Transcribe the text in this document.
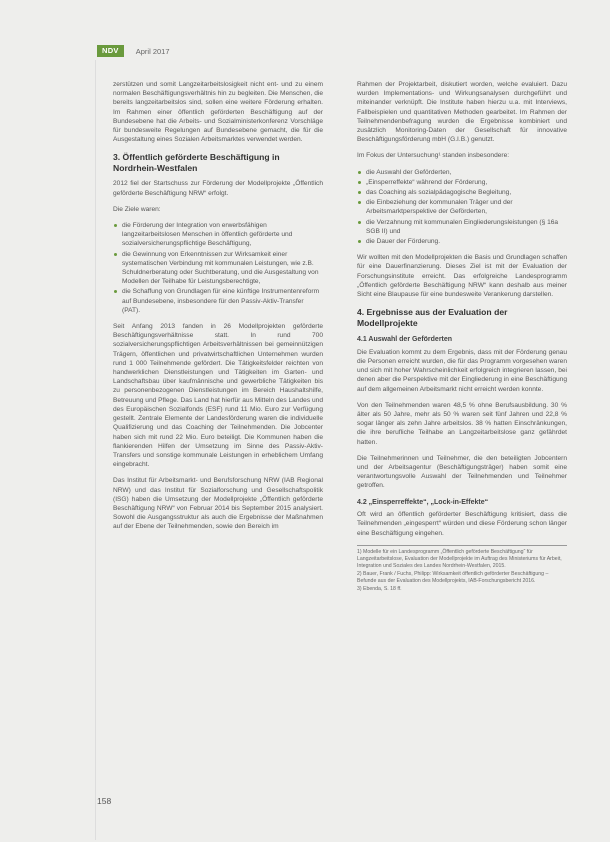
NDV	April 2017

zerstützen und somit Langzeitarbeitslosigkeit nicht ent- und zu einem normalen Beschäftigungsverhältnis hin zu begleiten. Die Menschen, die bereits langzeitarbeitslos sind, sollen eine weitere Förderung erhalten. Im Rahmen einer öffentlich geförderten Beschäftigung auf der Bundesebene hat die Arbeits- und Sozialministerkonferenz Vorschläge für bundesweite Regelungen auf Bundesebene gemacht, die für die Ausgestaltung eines Sozialen Arbeitsmarktes verwendet werden.

3. Öffentlich geförderte Beschäftigung in Nordrhein-Westfalen

2012 fiel der Startschuss zur Förderung der Modellprojekte „Öffentlich geförderte Beschäftigung NRW“ erfolgt.

Die Ziele waren:

die Förderung der Integration von erwerbsfähigen langzeitarbeitslosen Menschen in öffentlich geförderte und sozialversicherungspflichtige Beschäftigung,
die Gewinnung von Erkenntnissen zur Wirksamkeit einer systematischen Verbindung mit kommunalen Leistungen, wie z.B. Schuldnerberatung oder Suchtberatung, und die Ausgestaltung von Modellen der Teilhabe für Leistungsberechtigte,
die Schaffung von Grundlagen für eine künftige Instrumentenreform auf Bundesebene, insbesondere für den Passiv-Aktiv-Transfer (PAT).

Seit Anfang 2013 fanden in 26 Modellprojekten geförderte Beschäftigungsverhältnisse statt. In rund 700 sozialversicherungspflichtigen Arbeitsverhältnissen bei gemeinnützigen Trägern, öffentlichen und privatwirtschaftlichen Unternehmen wurden rund 1 000 Teilnehmende gefördert. Die Tätigkeitsfelder reichten von handwerklichen Dienstleistungen und Tätigkeiten im Garten- und Landschaftsbau über kaufmännische und gewerbliche Tätigkeiten bis zu personenbezogenen Dienstleistungen im Bereich Haushaltshilfe, Betreuung und Pflege. Das Land hat hierfür aus Mitteln des Landes und des Europäischen Sozialfonds (ESF) rund 11 Mio. Euro zur Verfügung gestellt. Zentrale Elemente der Landesförderung waren die individuelle Qualifizierung und das Coaching der Teilnehmenden. Die Jobcenter haben sich mit rund 22 Mio. Euro beteiligt. Die Kommunen haben die flankierenden Hilfen der Umsetzung im Sinne des Passiv-Aktiv-Transfers und sonstige kommunale Leistungen in erheblichem Umfang eingebracht.

Das Institut für Arbeitsmarkt- und Berufsforschung NRW (IAB Regional NRW) und das Institut für Sozialforschung und Gesellschaftspolitik (ISG) haben die Umsetzung der Modellprojekte „Öffentlich geförderte Beschäftigung NRW“ von Februar 2014 bis September 2015 analysiert. Sowohl die Ausgangsstruktur als auch die Ergebnisse der Maßnahmen auf der Ebene der Teilnehmenden, sowie den Bereich im

Rahmen der Projektarbeit, diskutiert worden, welche evaluiert. Dazu wurden Implementations- und Wirkungsanalysen durchgeführt und miteinander verknüpft. Die Institute haben hierzu u.a. mit Interviews, Fallbeispielen und quantitativen Methoden gearbeitet. Im Rahmen der Teilnehmendenbefragung wurden die Ergebnisse kombiniert und zusätzlich Monitoring-Daten der Gesellschaft für innovative Beschäftigungsförderung mbH (G.I.B.) genutzt.

Im Fokus der Untersuchung¹ standen insbesondere:

die Auswahl der Geförderten,
„Einsperreffekte“ während der Förderung,
das Coaching als sozialpädagogische Begleitung,
die Einbeziehung der kommunalen Träger und der Arbeitsmarktperspektive der Geförderten,
die Verzahnung mit kommunalen Eingliederungsleistungen (§ 16a SGB II) und
die Dauer der Förderung.

Wir wollten mit den Modellprojekten die Basis und Grundlagen schaffen für eine Dauerfinanzierung. Dieses Ziel ist mit der Evaluation der Forschungsinstitute erreicht. Das erfolgreiche Landesprogramm „Öffentlich geförderte Beschäftigung NRW“ kann deshalb aus meiner Sicht eine Blaupause für eine bundesweite Verankerung darstellen.

4. Ergebnisse aus der Evaluation der Modellprojekte
4.1 Auswahl der Geförderten

Die Evaluation kommt zu dem Ergebnis, dass mit der Förderung genau die Personen erreicht wurden, die für das Programm vorgesehen waren und sich mit hoher Wahrscheinlichkeit erfolgreich integrieren lassen, bei denen aber die Perspektive mit der Eingliederung in eine Beschäftigung auf dem allgemeinen Arbeitsmarkt nicht erreicht werden konnte.

Von den Teilnehmenden waren 48,5 % ohne Berufsausbildung. 30 % älter als 50 Jahre, mehr als 50 % waren seit fünf Jahren und 22,8 % sogar länger als zehn Jahre arbeitslos. 38 % hatten Einschränkungen, die ihre berufliche Teilhabe an Langzeitarbeitslose ganz gefährdet hatten.

Die Teilnehmerinnen und Teilnehmer, die den beteiligten Jobcentern und der Arbeitsagentur (Beschäftigungsträger) haben somit eine verantwortungsvolle Auswahl der Teilnehmenden und Teilnehmer getroffen.

4.2 „Einsperreffekte“, „Lock-in-Effekte“

Oft wird an öffentlich geförderter Beschäftigung kritisiert, dass die Teilnehmenden „eingesperrt“ würden und diese Förderung schon länger eine Beschäftigung eingehen.

1) Modelle für ein Landesprogramm „Öffentlich geförderte Beschäftigung“ für Langzeitarbeitslose, Evaluation der Modellprojekte im Auftrag des Ministeriums für Arbeit, Integration und Soziales des Landes Nordrhein-Westfalen, 2015.
2) Bauer, Frank / Fuchs, Philipp: Wirksamkeit öffentlich geförderter Beschäftigung – Befunde aus der Evaluation des Modellprojekts, IAB-Forschungsbericht 2016.
3) Ebenda, S. 18 ff.
158
